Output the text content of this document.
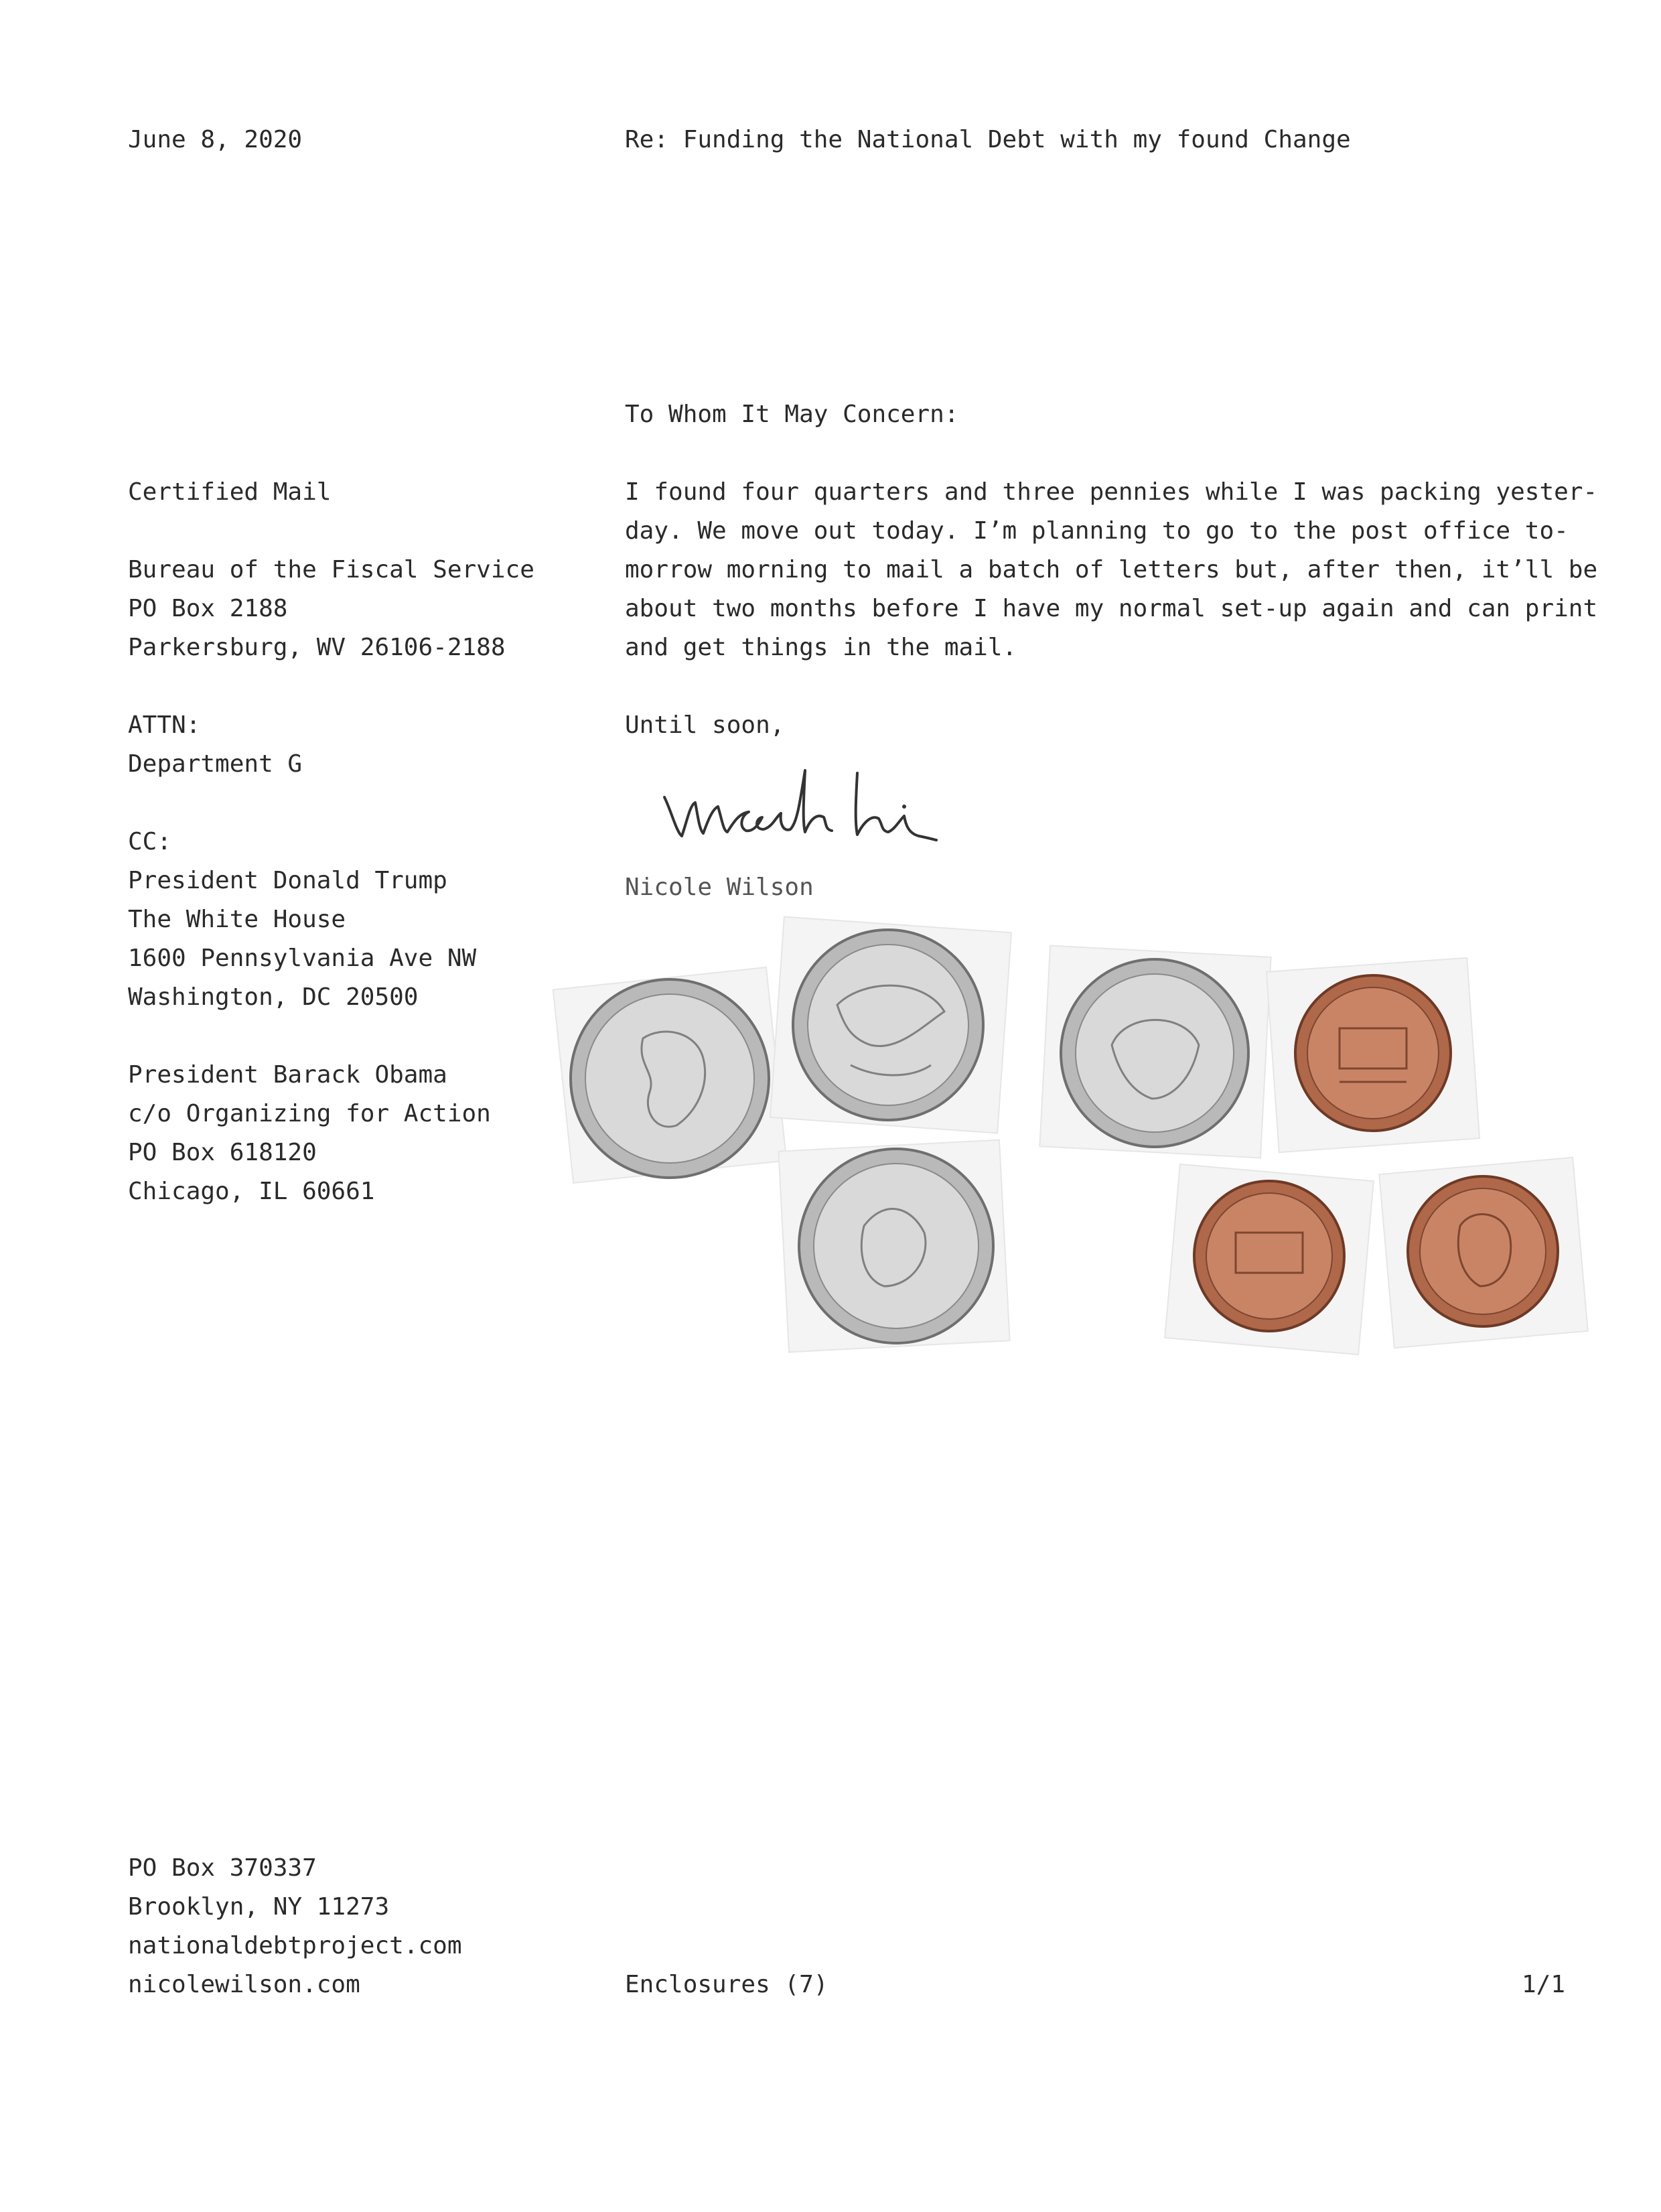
June 8, 2020	Re: Funding the National Debt with my found Change
To Whom It May Concern:
Certified Mail
Bureau of the Fiscal Service
PO Box 2188
Parkersburg, WV 26106-2188
ATTN:
Department G
CC:
President Donald Trump
The White House
1600 Pennsylvania Ave NW
Washington, DC 20500
President Barack Obama
c/o Organizing for Action
PO Box 618120
Chicago, IL 60661
I found four quarters and three pennies while I was packing yester-
day. We move out today. I’m planning to go to the post office to-
morrow morning to mail a batch of letters but, after then, it’ll be
about two months before I have my normal set-up again and can print
and get things in the mail.
Until soon,
Nicole Wilson
PO Box 370337
Brooklyn, NY 11273
nationaldebtproject.com
nicolewilson.com	Enclosures (7)	1/1
